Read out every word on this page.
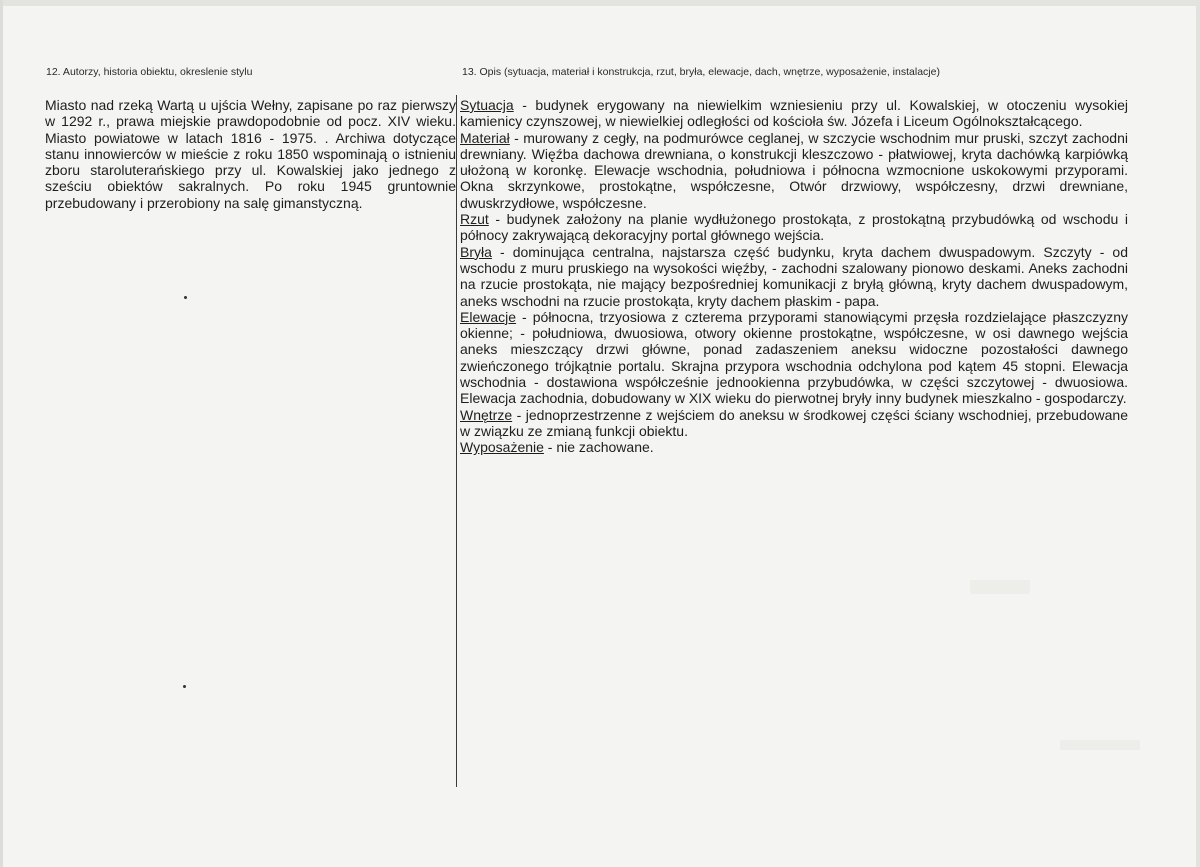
12. Autorzy, historia obiektu, okreslenie stylu	13. Opis (sytuacja, materiał i konstrukcja, rzut, bryła, elewacje, dach, wnętrze, wyposażenie, instalacje)

Miasto nad rzeką Wartą u ujścia Wełny, zapisane po raz pierwszy w 1292 r., prawa miejskie prawdopodobnie od pocz. XIV wieku. Miasto powiatowe w latach 1816 - 1975. . Archiwa dotyczące stanu innowierców w mieście z roku 1850 wspominają o istnieniu zboru staroluterańskiego przy ul. Kowalskiej jako jednego z sześciu obiektów sakralnych. Po roku 1945 gruntownie przebudowany i przerobiony na salę gimanstyczną.

Sytuacja - budynek erygowany na niewielkim wzniesieniu przy ul. Kowalskiej, w otoczeniu wysokiej kamienicy czynszowej, w niewielkiej odległości od kościoła św. Józefa i Liceum Ogólnokształcącego.

Materiał - murowany z cegły, na podmurówce ceglanej, w szczycie wschodnim mur pruski, szczyt zachodni drewniany. Więźba dachowa drewniana, o konstrukcji kleszczowo - płatwiowej, kryta dachówką karpiówką ułożoną w koronkę. Elewacje wschodnia, południowa i północna wzmocnione uskokowymi przyporami. Okna skrzynkowe, prostokątne, współczesne, Otwór drzwiowy, współczesny, drzwi drewniane, dwuskrzydłowe, współczesne.

Rzut - budynek założony na planie wydłużonego prostokąta, z prostokątną przybudówką od wschodu i północy zakrywającą dekoracyjny portal głównego wejścia.

Bryła - dominująca centralna, najstarsza część budynku, kryta dachem dwuspadowym. Szczyty - od wschodu z muru pruskiego na wysokości więźby, - zachodni szalowany pionowo deskami. Aneks zachodni na rzucie prostokąta, nie mający bezpośredniej komunikacji z bryłą główną, kryty dachem dwuspadowym, aneks wschodni na rzucie prostokąta, kryty dachem płaskim - papa.

Elewacje - północna, trzyosiowa z czterema przyporami stanowiącymi przęsła rozdzielające płaszczyzny okienne; - południowa, dwuosiowa, otwory okienne prostokątne, współczesne, w osi dawnego wejścia aneks mieszczący drzwi główne, ponad zadaszeniem aneksu widoczne pozostałości dawnego zwieńczonego trójkątnie portalu. Skrajna przypora wschodnia odchylona pod kątem 45 stopni. Elewacja wschodnia - dostawiona współcześnie jednookienna przybudówka, w części szczytowej - dwuosiowa. Elewacja zachodnia, dobudowany w XIX wieku do pierwotnej bryły inny budynek mieszkalno - gospodarczy.

Wnętrze - jednoprzestrzenne z wejściem do aneksu w środkowej części ściany wschodniej, przebudowane w związku ze zmianą funkcji obiektu.

Wyposażenie - nie zachowane.
